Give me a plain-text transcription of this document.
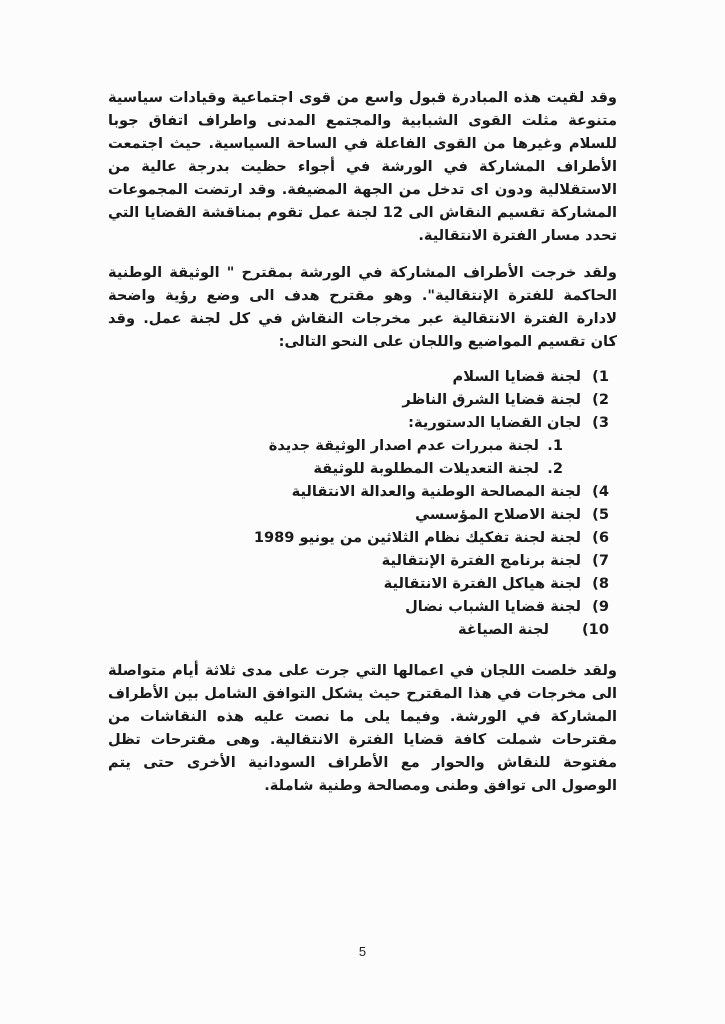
وقد لقيت هذه المبادرة قبول واسع من قوى اجتماعية وقيادات سياسية متنوعة مثلت القوى الشبابية والمجتمع المدنى واطراف اتفاق جوبا للسلام وغيرها من القوى الفاعلة في الساحة السياسية. حيث اجتمعت الأطراف المشاركة في الورشة في أجواء حظيت بدرجة عالية من الاستقلالية ودون اى تدخل من الجهة المضيفة. وقد ارتضت المجموعات المشاركة تقسيم النقاش الى 12 لجنة عمل تقوم بمناقشة القضايا التي تحدد مسار الفترة الانتقالية.

ولقد خرجت الأطراف المشاركة في الورشة بمقترح " الوثيقة الوطنية الحاكمة للفترة الإنتقالية". وهو مقترح هدف الى وضع رؤية واضحة لادارة الفترة الانتقالية عبر مخرجات النقاش في كل لجنة عمل. وقد كان تقسيم المواضيع واللجان على النحو التالى:

(1
لجنة قضايا السلام
(2
لجنة قضايا الشرق الناظر
(3
لجان القضايا الدستورية:
.1
لجنة مبررات عدم اصدار الوثيقة جديدة
.2
لجنة التعديلات المطلوبة للوثيقة
(4
لجنة المصالحة الوطنية والعدالة الانتقالية
(5
لجنة الاصلاح المؤسسي
(6
لجنة لجنة تفكيك نظام الثلاثين من يونيو 1989
(7
لجنة برنامج الفترة الإنتقالية
(8
لجنة هياكل الفترة الانتقالية
(9
لجنة قضايا الشباب نضال
(10
لجنة الصياغة

ولقد خلصت اللجان في اعمالها التي جرت على مدى ثلاثة أيام متواصلة الى مخرجات في هذا المقترح حيث يشكل التوافق الشامل بين الأطراف المشاركة في الورشة. وفيما يلى ما نصت عليه هذه النقاشات من مقترحات شملت كافة قضايا الفترة الانتقالية. وهى مقترحات تظل مفتوحة للنقاش والحوار مع الأطراف السودانية الأخرى حتى يتم الوصول الى توافق وطنى ومصالحة وطنية شاملة.

5
